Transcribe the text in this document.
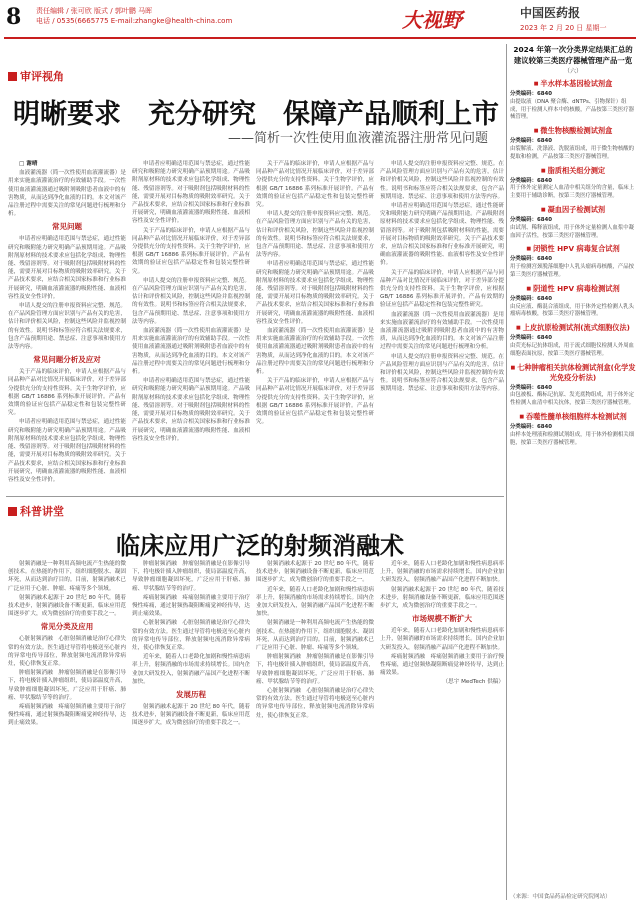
8 责任编辑 / 张可欣 版式 / 郭叶鹏 马晖
电话 / 0535(6665775 E-mail:zhangke@health-china.com	大视野	中国医药报
2023 年 2 月 20 日 星期一
审评视角
明晰要求　充分研究　保障产品顺利上市
——简析一次性使用血液灌流器注册常见问题

□ 谢晴

血液灌流器（简一次性使用血液灌流器）是用来实施血液灌流治疗的有效辅助手段。一次性使用血液灌流器通过吸附剂吸附患者血液中的有害物质，从而达到净化血液的目的。本文对该产品注册过程中需要关注的常见问题进行梳理和分析。

常见问题

申请者应明确适用范围与禁忌症，通过性能研究和吸附能力研究明确产品预期用途。产品吸附剂原材料的技术要求应包括化学组成、物理性能、残留溶剂等。对于吸附剂包括吸附材料的性能，需要开展对目标物质的吸附效率研究。关于产品技术要求，应结合相关国家标准和行业标准开展研究，明确血液灌流器的吸附性能、血液相容性及安全性评价。

申请人提交的注册申报资料应完整、规范。在产品风险管理方面应识别与产品有关的危害，估计和评价相关风险，控制这些风险并监视控制的有效性。说明书和标签应符合相关法规要求，包含产品预期用途、禁忌症、注意事项和使用方法等内容。

常见问题分析及应对

关于产品的临床评价，申请人应根据产品与同品种产品对比情况开展临床评价，对于差异部分提供充分的支持性资料。关于生物学评价，应根据 GB/T 16886 系列标准开展评价。产品有效期的验证应包括产品稳定性和包装完整性研究。

申请者应明确适用范围与禁忌症，通过性能研究和吸附能力研究明确产品预期用途。产品吸附剂原材料的技术要求应包括化学组成、物理性能、残留溶剂等。对于吸附剂包括吸附材料的性能，需要开展对目标物质的吸附效率研究。关于产品技术要求，应结合相关国家标准和行业标准开展研究，明确血液灌流器的吸附性能、血液相容性及安全性评价。

申请者应明确适用范围与禁忌症，通过性能研究和吸附能力研究明确产品预期用途。产品吸附剂原材料的技术要求应包括化学组成、物理性能、残留溶剂等。对于吸附剂包括吸附材料的性能，需要开展对目标物质的吸附效率研究。关于产品技术要求，应结合相关国家标准和行业标准开展研究，明确血液灌流器的吸附性能、血液相容性及安全性评价。

关于产品的临床评价，申请人应根据产品与同品种产品对比情况开展临床评价，对于差异部分提供充分的支持性资料。关于生物学评价，应根据 GB/T 16886 系列标准开展评价。产品有效期的验证应包括产品稳定性和包装完整性研究。

申请人提交的注册申报资料应完整、规范。在产品风险管理方面应识别与产品有关的危害，估计和评价相关风险，控制这些风险并监视控制的有效性。说明书和标签应符合相关法规要求，包含产品预期用途、禁忌症、注意事项和使用方法等内容。

血液灌流器（简一次性使用血液灌流器）是用来实施血液灌流治疗的有效辅助手段。一次性使用血液灌流器通过吸附剂吸附患者血液中的有害物质，从而达到净化血液的目的。本文对该产品注册过程中需要关注的常见问题进行梳理和分析。

申请者应明确适用范围与禁忌症，通过性能研究和吸附能力研究明确产品预期用途。产品吸附剂原材料的技术要求应包括化学组成、物理性能、残留溶剂等。对于吸附剂包括吸附材料的性能，需要开展对目标物质的吸附效率研究。关于产品技术要求，应结合相关国家标准和行业标准开展研究，明确血液灌流器的吸附性能、血液相容性及安全性评价。

关于产品的临床评价，申请人应根据产品与同品种产品对比情况开展临床评价，对于差异部分提供充分的支持性资料。关于生物学评价，应根据 GB/T 16886 系列标准开展评价。产品有效期的验证应包括产品稳定性和包装完整性研究。

申请人提交的注册申报资料应完整、规范。在产品风险管理方面应识别与产品有关的危害，估计和评价相关风险，控制这些风险并监视控制的有效性。说明书和标签应符合相关法规要求，包含产品预期用途、禁忌症、注意事项和使用方法等内容。

申请者应明确适用范围与禁忌症，通过性能研究和吸附能力研究明确产品预期用途。产品吸附剂原材料的技术要求应包括化学组成、物理性能、残留溶剂等。对于吸附剂包括吸附材料的性能，需要开展对目标物质的吸附效率研究。关于产品技术要求，应结合相关国家标准和行业标准开展研究，明确血液灌流器的吸附性能、血液相容性及安全性评价。

血液灌流器（简一次性使用血液灌流器）是用来实施血液灌流治疗的有效辅助手段。一次性使用血液灌流器通过吸附剂吸附患者血液中的有害物质，从而达到净化血液的目的。本文对该产品注册过程中需要关注的常见问题进行梳理和分析。

关于产品的临床评价，申请人应根据产品与同品种产品对比情况开展临床评价，对于差异部分提供充分的支持性资料。关于生物学评价，应根据 GB/T 16886 系列标准开展评价。产品有效期的验证应包括产品稳定性和包装完整性研究。

申请人提交的注册申报资料应完整、规范。在产品风险管理方面应识别与产品有关的危害，估计和评价相关风险，控制这些风险并监视控制的有效性。说明书和标签应符合相关法规要求，包含产品预期用途、禁忌症、注意事项和使用方法等内容。

申请者应明确适用范围与禁忌症，通过性能研究和吸附能力研究明确产品预期用途。产品吸附剂原材料的技术要求应包括化学组成、物理性能、残留溶剂等。对于吸附剂包括吸附材料的性能，需要开展对目标物质的吸附效率研究。关于产品技术要求，应结合相关国家标准和行业标准开展研究，明确血液灌流器的吸附性能、血液相容性及安全性评价。

关于产品的临床评价，申请人应根据产品与同品种产品对比情况开展临床评价，对于差异部分提供充分的支持性资料。关于生物学评价，应根据 GB/T 16886 系列标准开展评价。产品有效期的验证应包括产品稳定性和包装完整性研究。

血液灌流器（简一次性使用血液灌流器）是用来实施血液灌流治疗的有效辅助手段。一次性使用血液灌流器通过吸附剂吸附患者血液中的有害物质，从而达到净化血液的目的。本文对该产品注册过程中需要关注的常见问题进行梳理和分析。

申请人提交的注册申报资料应完整、规范。在产品风险管理方面应识别与产品有关的危害，估计和评价相关风险，控制这些风险并监视控制的有效性。说明书和标签应符合相关法规要求，包含产品预期用途、禁忌症、注意事项和使用方法等内容。

科普讲堂
临床应用广泛的射频消融术

射频消融是一种利用高频电流产生热能的微创技术。在热能的作用下，组织细胞脱水、凝固坏死，从而达到治疗目的。目前，射频消融术已广泛应用于心脏、肿瘤、疼痛等多个领域。

射频消融术起源于 20 世纪 80 年代，随着技术进步，射频消融设备不断更新，临床应用范围逐步扩大，成为微创治疗的重要手段之一。

常见分类及应用

心脏射频消融　心脏射频消融是治疗心律失常的有效方法。医生通过导管将电极送至心脏内的异常电传导部位，释放射频电流消除异常病灶，使心律恢复正常。

肿瘤射频消融　肿瘤射频消融是在影像引导下，将电极针插入肿瘤组织，使局部温度升高，导致肿瘤细胞凝固坏死，广泛应用于肝癌、肺癌、甲状腺结节等的治疗。

疼痛射频消融　疼痛射频消融主要用于治疗慢性疼痛，通过射频热凝阻断痛觉神经传导，达到止痛效果。

肿瘤射频消融　肿瘤射频消融是在影像引导下，将电极针插入肿瘤组织，使局部温度升高，导致肿瘤细胞凝固坏死，广泛应用于肝癌、肺癌、甲状腺结节等的治疗。

疼痛射频消融　疼痛射频消融主要用于治疗慢性疼痛，通过射频热凝阻断痛觉神经传导，达到止痛效果。

心脏射频消融　心脏射频消融是治疗心律失常的有效方法。医生通过导管将电极送至心脏内的异常电传导部位，释放射频电流消除异常病灶，使心律恢复正常。

近年来，随着人口老龄化加剧和慢性病患病率上升，射频消融的市场需求持续增长。国内企业加大研发投入，射频消融产品国产化进程不断加快。

发展历程

射频消融术起源于 20 世纪 80 年代，随着技术进步，射频消融设备不断更新，临床应用范围逐步扩大，成为微创治疗的重要手段之一。

射频消融术起源于 20 世纪 80 年代，随着技术进步，射频消融设备不断更新，临床应用范围逐步扩大，成为微创治疗的重要手段之一。

近年来，随着人口老龄化加剧和慢性病患病率上升，射频消融的市场需求持续增长。国内企业加大研发投入，射频消融产品国产化进程不断加快。

射频消融是一种利用高频电流产生热能的微创技术。在热能的作用下，组织细胞脱水、凝固坏死，从而达到治疗目的。目前，射频消融术已广泛应用于心脏、肿瘤、疼痛等多个领域。

肿瘤射频消融　肿瘤射频消融是在影像引导下，将电极针插入肿瘤组织，使局部温度升高，导致肿瘤细胞凝固坏死，广泛应用于肝癌、肺癌、甲状腺结节等的治疗。

心脏射频消融　心脏射频消融是治疗心律失常的有效方法。医生通过导管将电极送至心脏内的异常电传导部位，释放射频电流消除异常病灶，使心律恢复正常。

近年来，随着人口老龄化加剧和慢性病患病率上升，射频消融的市场需求持续增长。国内企业加大研发投入，射频消融产品国产化进程不断加快。

射频消融术起源于 20 世纪 80 年代，随着技术进步，射频消融设备不断更新，临床应用范围逐步扩大，成为微创治疗的重要手段之一。

市场规模不断扩大

近年来，随着人口老龄化加剧和慢性病患病率上升，射频消融的市场需求持续增长。国内企业加大研发投入，射频消融产品国产化进程不断加快。

疼痛射频消融　疼痛射频消融主要用于治疗慢性疼痛，通过射频热凝阻断痛觉神经传导，达到止痛效果。

（思宇 MedTech 供稿）

2024 年第一次分类界定结果汇总的建议较第三类医疗器械管理产品一览
（六）
■ 半水样本基因检试剂盒
分类编码：6840
由提取液（DNA 聚合酶、dNTPs、引物探针）组成，用于检测人样本中的核酸，产品按第三类医疗器械管理。
■ 微生物核酸检测试剂盒
分类编码：6840
由裂解液、洗涤液、洗脱液组成，用于微生物核酸的提取和检测，产品按第三类医疗器械管理。
■ 脂质相关组分测定
分类编码：6840
用于体外定量测定人血清中相关组分的含量，临床上主要用于辅助诊断，按第三类医疗器械管理。
■ 凝血因子检测试剂
分类编码：6840
由试剂、稀释液组成，用于体外定量检测人血浆中凝血因子活性，按第三类医疗器械管理。
■ 闭锁性 HPV 病毒复合试剂
分类编码：6840
用于检测宫颈脱落细胞中人乳头瘤病毒核酸，产品按第三类医疗器械管理。
■ 阴道性 HPV 病毒检测试剂
分类编码：6840
由反应液、酶混合液组成，用于体外定性检测人乳头瘤病毒核酸，按第三类医疗器械管理。
■ 上皮抗原检测试剂(流式细胞仪法)
分类编码：6840
由荧光标记抗体组成，用于流式细胞仪检测人外周血细胞表面抗原，按第三类医疗器械管理。
■ 七种肿瘤相关抗体检测试剂盒(化学发光免疫分析法)
分类编码：6840
由包被板、酶标记抗原、发光底物组成，用于体外定性检测人血清中相关抗体，按第三类医疗器械管理。
■ 吞噬性髓单核细胞样本检测试剂
分类编码：6840
由样本处理液和检测试剂组成，用于体外检测相关细胞，按第三类医疗器械管理。
（来源：中国食品药品检定研究院网站）
